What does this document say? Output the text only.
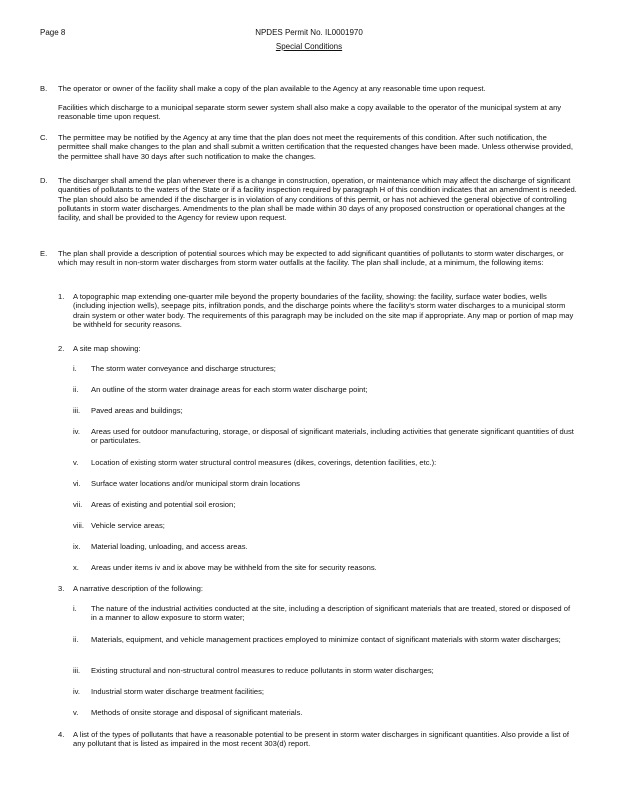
Page 8	NPDES Permit No. IL0001970
Special Conditions
B. The operator or owner of the facility shall make a copy of the plan available to the Agency at any reasonable time upon request.
Facilities which discharge to a municipal separate storm sewer system shall also make a copy available to the operator of the municipal system at any reasonable time upon request.
C. The permittee may be notified by the Agency at any time that the plan does not meet the requirements of this condition. After such notification, the permittee shall make changes to the plan and shall submit a written certification that the requested changes have been made. Unless otherwise provided, the permittee shall have 30 days after such notification to make the changes.
D. The discharger shall amend the plan whenever there is a change in construction, operation, or maintenance which may affect the discharge of significant quantities of pollutants to the waters of the State or if a facility inspection required by paragraph H of this condition indicates that an amendment is needed. The plan should also be amended if the discharger is in violation of any conditions of this permit, or has not achieved the general objective of controlling pollutants in storm water discharges. Amendments to the plan shall be made within 30 days of any proposed construction or operational changes at the facility, and shall be provided to the Agency for review upon request.
E. The plan shall provide a description of potential sources which may be expected to add significant quantities of pollutants to storm water discharges, or which may result in non-storm water discharges from storm water outfalls at the facility. The plan shall include, at a minimum, the following items:
1. A topographic map extending one-quarter mile beyond the property boundaries of the facility, showing: the facility, surface water bodies, wells (including injection wells), seepage pits, infiltration ponds, and the discharge points where the facility's storm water discharges to a municipal storm drain system or other water body. The requirements of this paragraph may be included on the site map if appropriate. Any map or portion of map may be withheld for security reasons.
2. A site map showing:
i. The storm water conveyance and discharge structures;
ii. An outline of the storm water drainage areas for each storm water discharge point;
iii. Paved areas and buildings;
iv. Areas used for outdoor manufacturing, storage, or disposal of significant materials, including activities that generate significant quantities of dust or particulates.
v. Location of existing storm water structural control measures (dikes, coverings, detention facilities, etc.):
vi. Surface water locations and/or municipal storm drain locations
vii. Areas of existing and potential soil erosion;
viii. Vehicle service areas;
ix. Material loading, unloading, and access areas.
x. Areas under items iv and ix above may be withheld from the site for security reasons.
3. A narrative description of the following:
i. The nature of the industrial activities conducted at the site, including a description of significant materials that are treated, stored or disposed of in a manner to allow exposure to storm water;
ii. Materials, equipment, and vehicle management practices employed to minimize contact of significant materials with storm water discharges;
iii. Existing structural and non-structural control measures to reduce pollutants in storm water discharges;
iv. Industrial storm water discharge treatment facilities;
v. Methods of onsite storage and disposal of significant materials.
4. A list of the types of pollutants that have a reasonable potential to be present in storm water discharges in significant quantities. Also provide a list of any pollutant that is listed as impaired in the most recent 303(d) report.
